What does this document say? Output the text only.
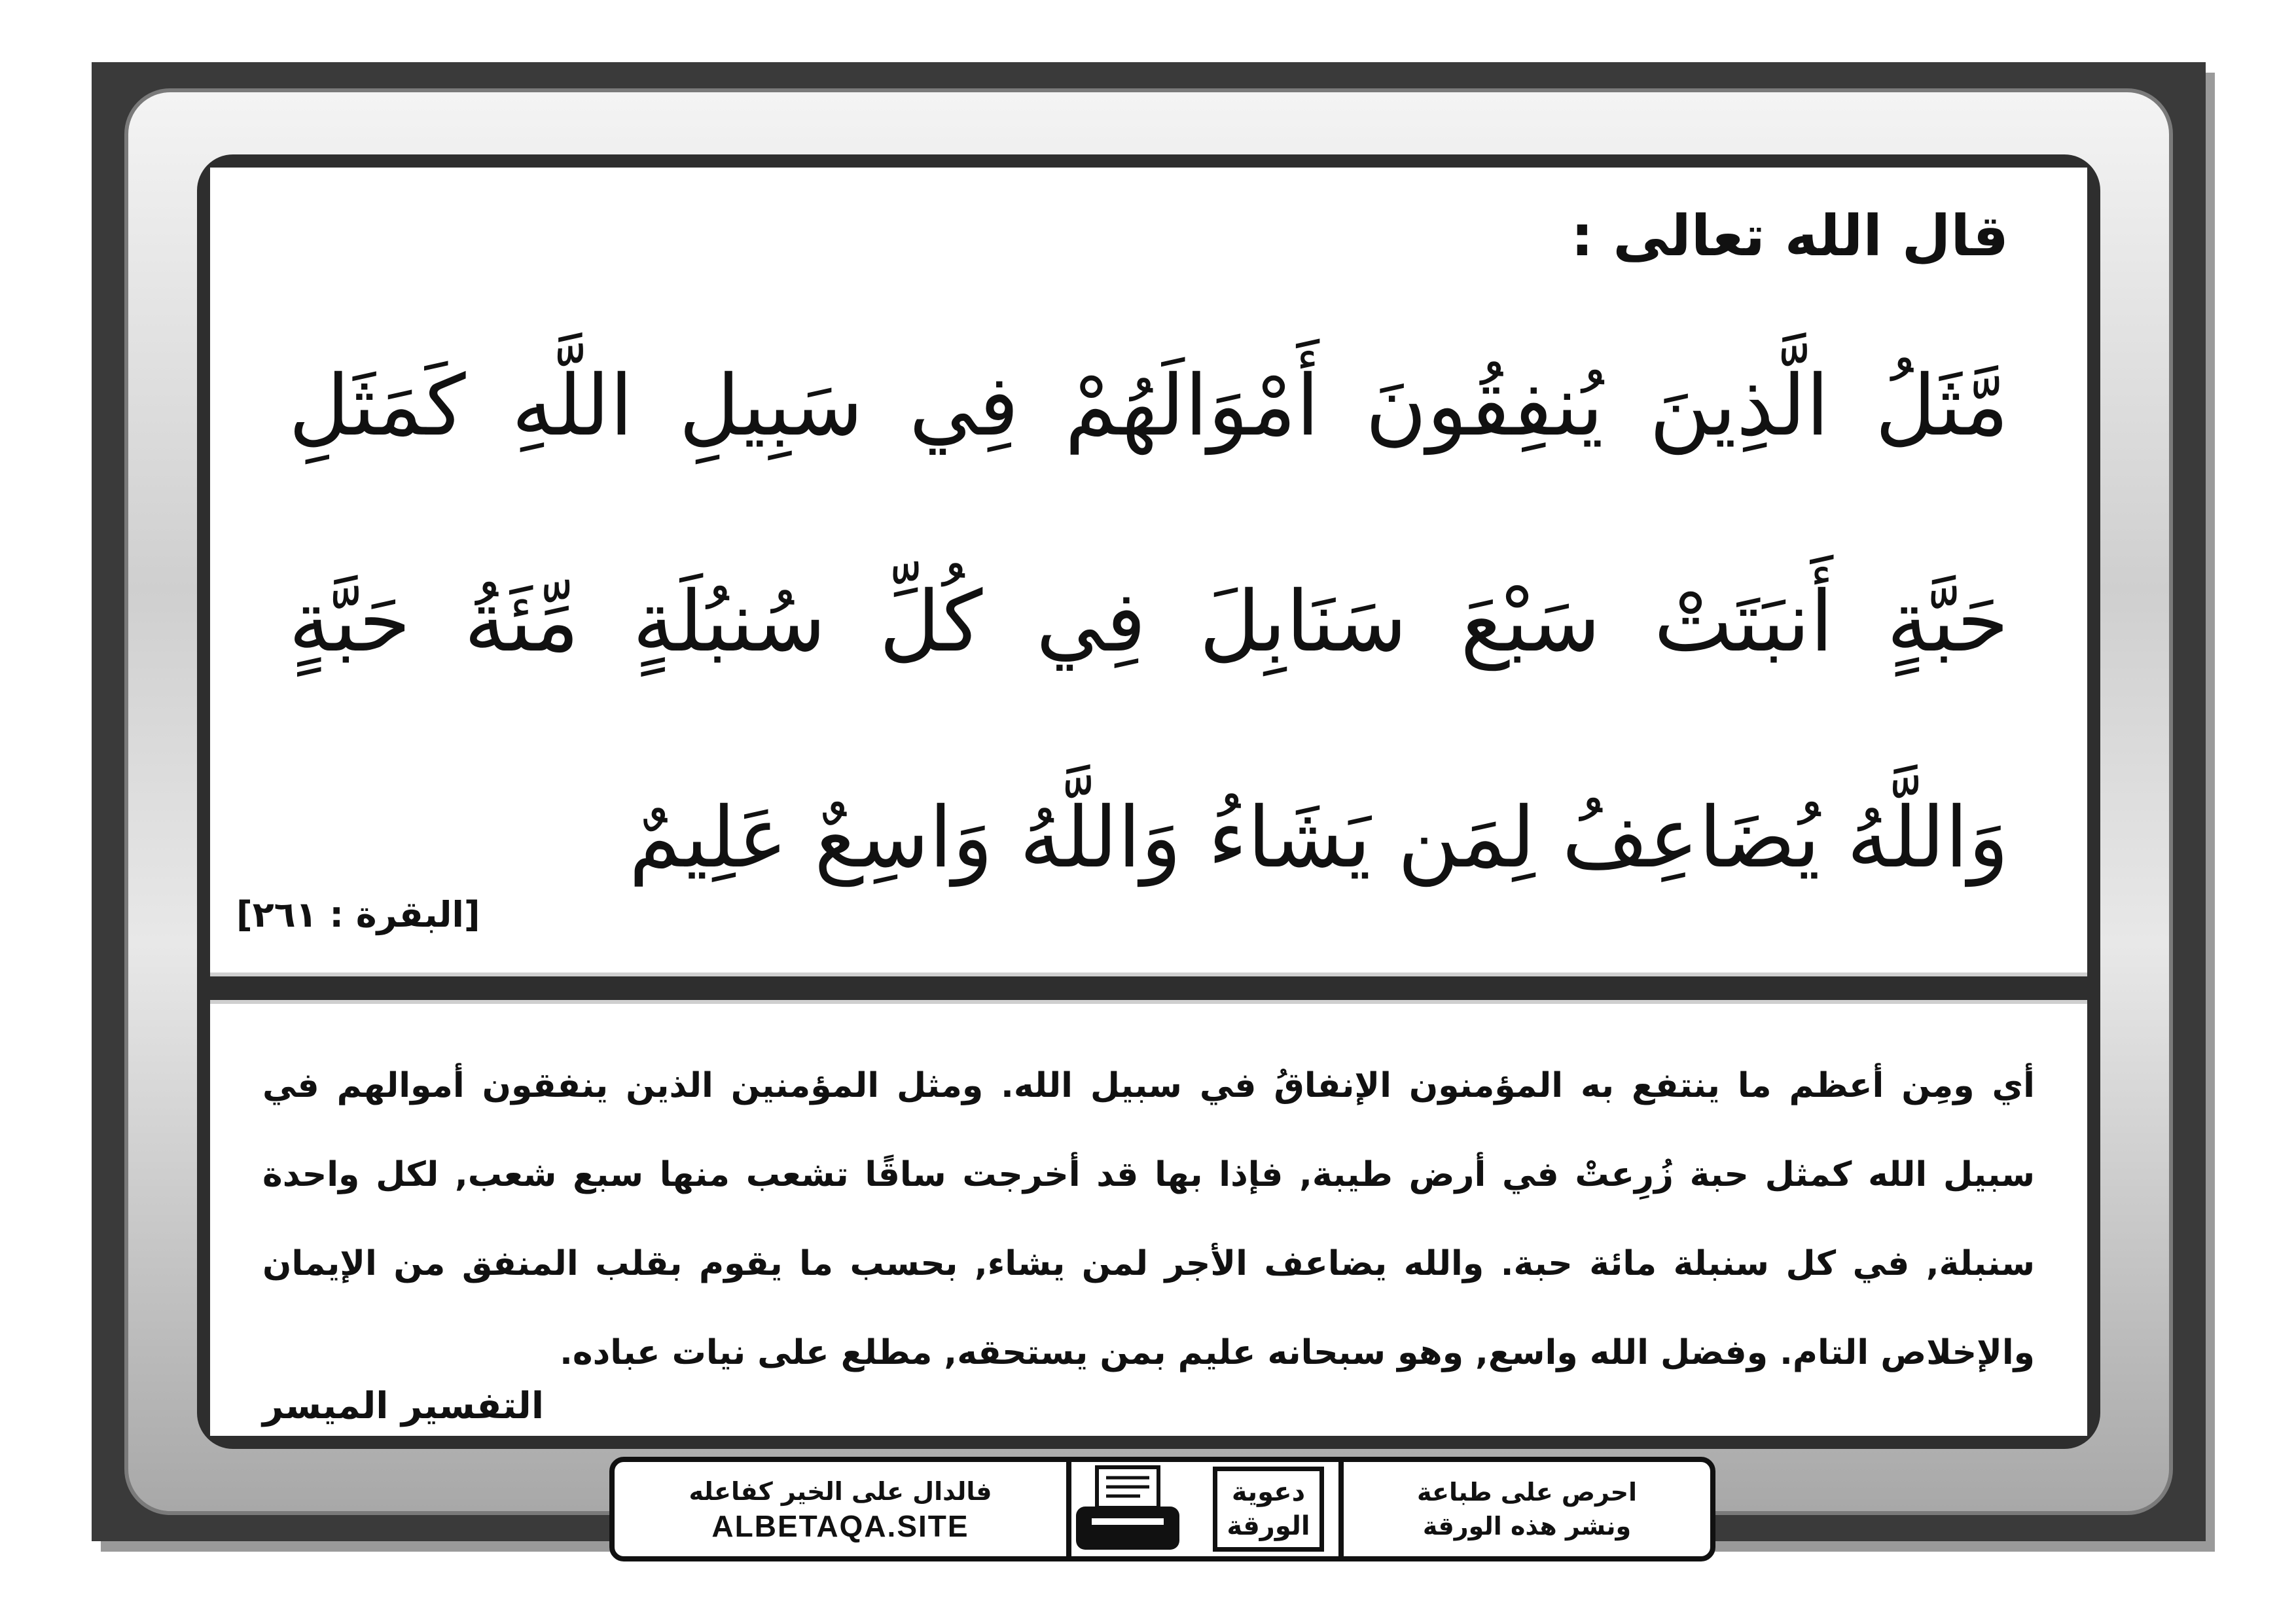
قال الله تعالى :
مَّثَلُ الَّذِينَ يُنفِقُونَ أَمْوَالَهُمْ فِي سَبِيلِ اللَّهِ كَمَثَلِ
حَبَّةٍ أَنبَتَتْ سَبْعَ سَنَابِلَ فِي كُلِّ سُنبُلَةٍ مِّئَةُ حَبَّةٍ
وَاللَّهُ يُضَاعِفُ لِمَن يَشَاءُ وَاللَّهُ وَاسِعٌ عَلِيمٌ
[البقرة : ٢٦١]
أي ومِن أعظم ما ينتفع به المؤمنون الإنفاقُ في سبيل الله. ومثل المؤمنين الذين ينفقون أموالهم في سبيل الله كمثل حبة زُرِعتْ في أرض طيبة, فإذا بها قد أخرجت ساقًا تشعب منها سبع شعب, لكل واحدة سنبلة, في كل سنبلة مائة حبة. والله يضاعف الأجر لمن يشاء, بحسب ما يقوم بقلب المنفق من الإيمان والإخلاص التام. وفضل الله واسع, وهو سبحانه عليم بمن يستحقه, مطلع على نيات عباده.
التفسير الميسر
احرص على طباعة
ونشر هذه الورقة
دعوية
الورقة
فالدال على الخير كفاعله
ALBETAQA.SITE
